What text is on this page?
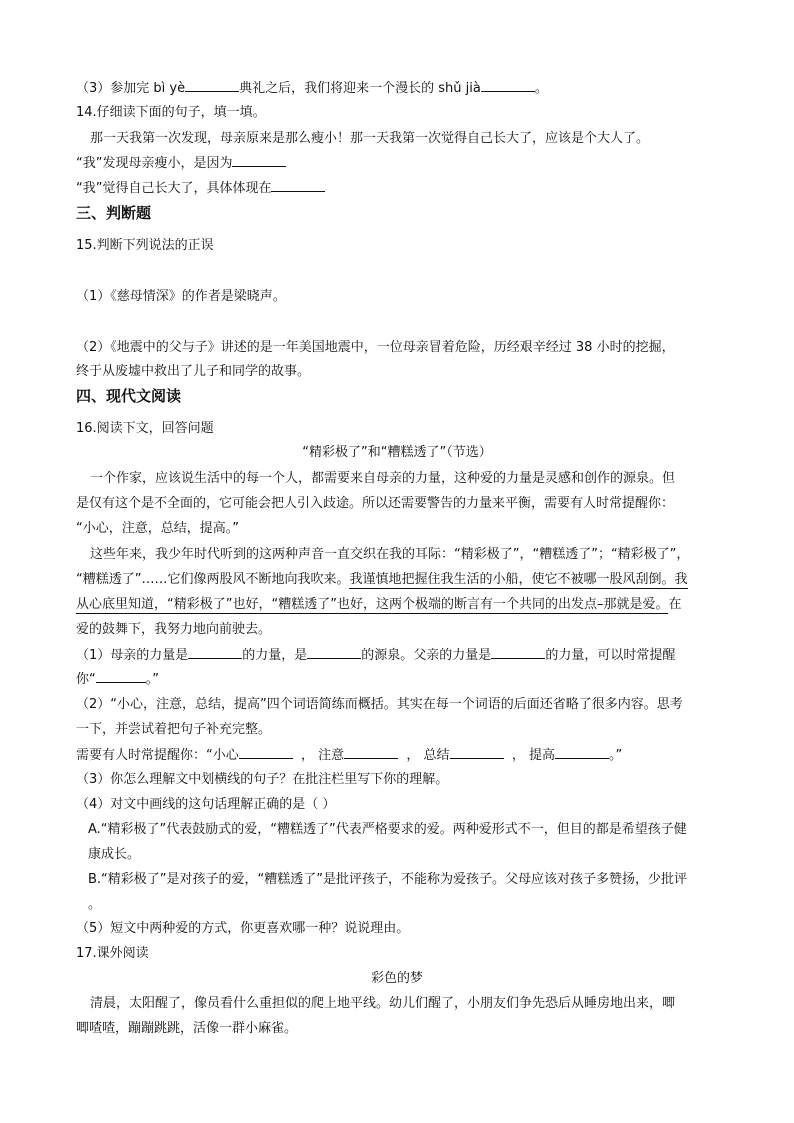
（3）参加完 bì yè	典礼之后，我们将迎来一个漫长的 shǔ jià	。
14.仔细读下面的句子，填一填。
那一天我第一次发现，母亲原来是那么瘦小！那一天我第一次觉得自己长大了，应该是个大人了。
“我”发现母亲瘦小，是因为
“我”觉得自己长大了，具体体现在
三、判断题
15.判断下列说法的正误
（1）《慈母情深》的作者是梁晓声。
（2）《地震中的父与子》讲述的是一年美国地震中，一位母亲冒着危险，历经艰辛经过 38 小时的挖掘，
终于从废墟中救出了儿子和同学的故事。
四、现代文阅读
16.阅读下文，回答问题
“精彩极了”和“糟糕透了”（节选）
一个作家，应该说生活中的每一个人，都需要来自母亲的力量，这种爱的力量是灵感和创作的源泉。但
是仅有这个是不全面的，它可能会把人引入歧途。所以还需要警告的力量来平衡，需要有人时常提醒你：
“小心，注意，总结，提高。”
这些年来，我少年时代听到的这两种声音一直交织在我的耳际：“精彩极了”，“糟糕透了”；“精彩极了”，
“糟糕透了”……它们像两股风不断地向我吹来。我谨慎地把握住我生活的小船，使它不被哪一股风刮倒。我
从心底里知道，“精彩极了”也好，“糟糕透了”也好，这两个极端的断言有一个共同的出发点–那就是爱。在
爱的鼓舞下，我努力地向前驶去。
（1）母亲的力量是	的力量，是	的源泉。父亲的力量是	的力量，可以时常提醒
你“	。”
（2）“小心，注意，总结，提高”四个词语简练而概括。其实在每一个词语的后面还省略了很多内容。思考
一下，并尝试着把句子补充完整。
需要有人时常提醒你：“小心	， 注意	， 总结	， 提高	。”
（3）你怎么理解文中划横线的句子？在批注栏里写下你的理解。
（4）对文中画线的这句话理解正确的是（ ）
A.“精彩极了”代表鼓励式的爱，“糟糕透了”代表严格要求的爱。两种爱形式不一，但目的都是希望孩子健
康成长。
B.“精彩极了”是对孩子的爱，“糟糕透了”是批评孩子，不能称为爱孩子。父母应该对孩子多赞扬，少批评
。
（5）短文中两种爱的方式，你更喜欢哪一种？说说理由。
17.课外阅读
彩色的梦
清晨，太阳醒了，像员看什么重担似的爬上地平线。幼儿们醒了，小朋友们争先恐后从睡房地出来，唧
唧喳喳，蹦蹦跳跳，活像一群小麻雀。
